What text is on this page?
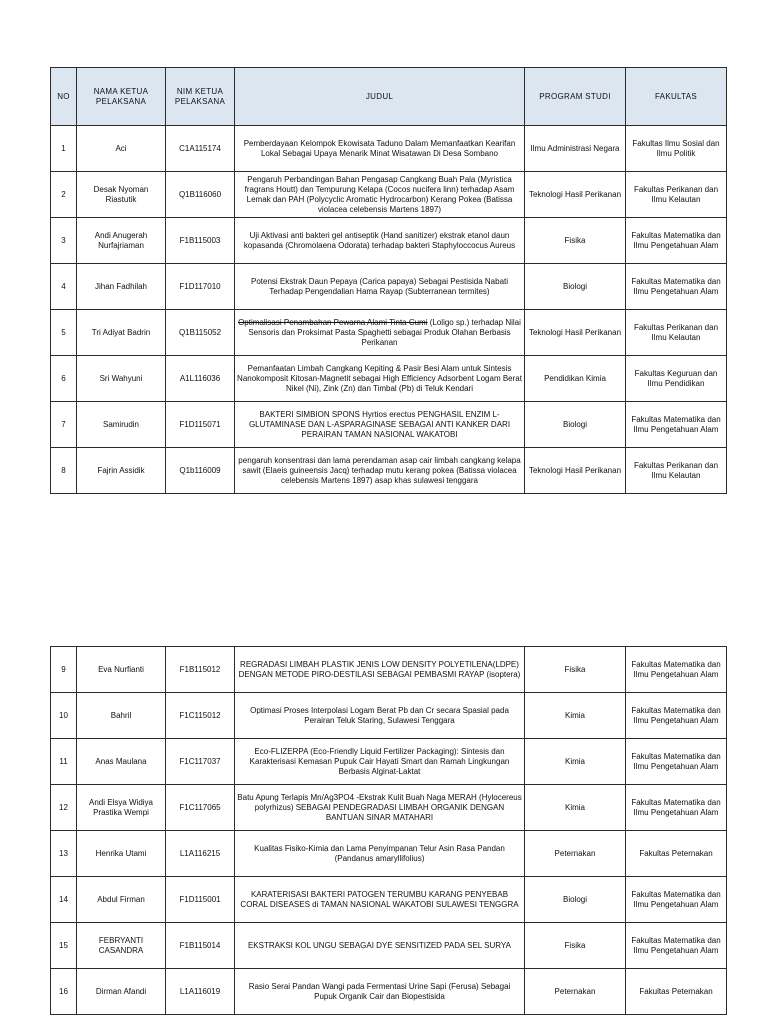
NO	NAMA KETUA PELAKSANA	NIM KETUA PELAKSANA	JUDUL	PROGRAM STUDI	FAKULTAS
1	Aci	C1A115174	Pemberdayaan Kelompok Ekowisata Taduno Dalam Memanfaatkan Kearifan Lokal Sebagai Upaya Menarik Minat Wisatawan Di Desa Sombano	Ilmu Administrasi Negara	Fakultas Ilmu Sosial dan Ilmu Politik
2	Desak Nyoman Riastutik	Q1B116060	Pengaruh Perbandingan Bahan Pengasap Cangkang Buah Pala (Myristica fragrans Houtt) dan Tempurung Kelapa (Cocos nucifera linn) terhadap Asam Lemak dan PAH (Polycyclic Aromatic Hydrocarbon) Kerang Pokea (Batissa violacea celebensis Martens 1897)	Teknologi Hasil Perikanan	Fakultas Perikanan dan Ilmu Kelautan
3	Andi Anugerah Nurfajriaman	F1B115003	Uji Aktivasi anti bakteri gel antiseptik (Hand sanitizer) ekstrak etanol daun kopasanda (Chromolaena Odorata) terhadap bakteri Staphyloccocus Aureus	Fisika	Fakultas Matematika dan Ilmu Pengetahuan Alam
4	Jihan Fadhilah	F1D117010	Potensi Ekstrak Daun Pepaya (Carica papaya) Sebagai Pestisida Nabati Terhadap Pengendalian Hama Rayap (Subterranean termites)	Biologi	Fakultas Matematika dan Ilmu Pengetahuan Alam
5	Tri Adiyat Badrin	Q1B115052	Optimalisasi Penambahan Pewarna Alami Tinta Cumi (Loligo sp.) terhadap Nilai Sensoris dan Proksimat Pasta Spaghetti sebagai Produk Olahan Berbasis Perikanan	Teknologi Hasil Perikanan	Fakultas Perikanan dan Ilmu Kelautan
6	Sri Wahyuni	A1L116036	Pemanfaatan Limbah Cangkang Kepiting & Pasir Besi Alam untuk Sintesis Nanokomposit Kitosan-Magnetit sebagai High Efficiency Adsorbent Logam Berat Nikel (Ni), Zink (Zn) dan Timbal (Pb) di Teluk Kendari	Pendidikan Kimia	Fakultas Keguruan dan Ilmu Pendidikan
7	Samirudin	F1D115071	BAKTERI SIMBION SPONS Hyrtios erectus PENGHASIL ENZIM L-GLUTAMINASE DAN L-ASPARAGINASE SEBAGAI ANTI KANKER DARI PERAIRAN TAMAN NASIONAL WAKATOBI	Biologi	Fakultas Matematika dan Ilmu Pengetahuan Alam
8	Fajrin Assidik	Q1b116009	pengaruh konsentrasi dan lama perendaman asap cair limbah cangkang kelapa sawit (Elaeis guineensis Jacq) terhadap mutu kerang pokea (Batissa violacea celebensis Martens 1897) asap khas sulawesi tenggara	Teknologi Hasil Perikanan	Fakultas Perikanan dan Ilmu Kelautan
9	Eva Nurfianti	F1B115012	REGRADASI LIMBAH PLASTIK JENIS LOW DENSITY POLYETILENA(LDPE) DENGAN METODE PIRO-DESTILASI SEBAGAI PEMBASMI RAYAP (isoptera)	Fisika	Fakultas Matematika dan Ilmu Pengetahuan Alam
10	Bahril	F1C115012	Optimasi Proses Interpolasi Logam Berat Pb dan Cr secara Spasial pada Perairan Teluk Staring, Sulawesi Tenggara	Kimia	Fakultas Matematika dan Ilmu Pengetahuan Alam
11	Anas Maulana	F1C117037	Eco-FLIZERPA (Eco-Friendly Liquid Fertilizer Packaging): Sintesis dan Karakterisasi Kemasan Pupuk Cair Hayati Smart dan Ramah Lingkungan Berbasis Alginat-Laktat	Kimia	Fakultas Matematika dan Ilmu Pengetahuan Alam
12	Andi Elsya Widiya Prastika Wempi	F1C117065	Batu Apung Terlapis Mn/Ag3PO4 -Ekstrak Kulit Buah Naga MERAH (Hylocereus polyrhizus) SEBAGAI PENDEGRADASI LIMBAH ORGANIK DENGAN BANTUAN SINAR MATAHARI	Kimia	Fakultas Matematika dan Ilmu Pengetahuan Alam
13	Henrika Utami	L1A116215	Kualitas Fisiko-Kimia dan Lama Penyimpanan Telur Asin Rasa Pandan (Pandanus amaryllifolius)	Peternakan	Fakultas Peternakan
14	Abdul Firman	F1D115001	KARATERISASI BAKTERI PATOGEN TERUMBU KARANG PENYEBAB CORAL DISEASES di TAMAN NASIONAL WAKATOBI SULAWESI TENGGRA	Biologi	Fakultas Matematika dan Ilmu Pengetahuan Alam
15	FEBRYANTI CASANDRA	F1B115014	EKSTRAKSI KOL UNGU SEBAGAI DYE SENSITIZED PADA SEL SURYA	Fisika	Fakultas Matematika dan Ilmu Pengetahuan Alam
16	Dirman Afandi	L1A116019	Rasio Serai Pandan Wangi pada Fermentasi Urine Sapi (Ferusa) Sebagai Pupuk Organik Cair dan Biopestisida	Peternakan	Fakultas Peternakan
